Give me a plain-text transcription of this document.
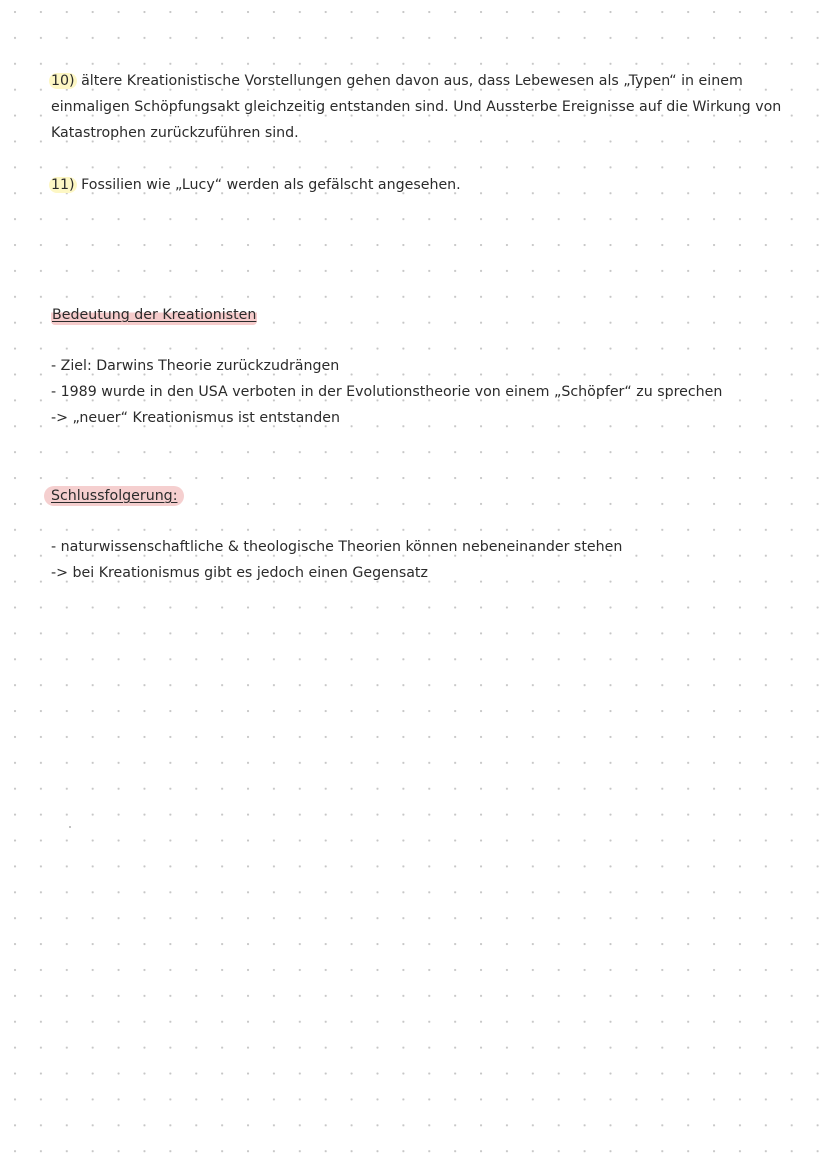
10) ältere Kreationistische Vorstellungen gehen davon aus, dass Lebewesen als „Typen“ in einem
einmaligen Schöpfungsakt gleichzeitig entstanden sind. Und Aussterbe Ereignisse auf die Wirkung von
Katastrophen zurückzuführen sind.
11) Fossilien wie „Lucy“ werden als gefälscht angesehen.
Bedeutung der Kreationisten
- Ziel: Darwins Theorie zurückzudrängen
- 1989 wurde in den USA verboten in der Evolutionstheorie von einem „Schöpfer“ zu sprechen
-> „neuer“ Kreationismus ist entstanden
Schlussfolgerung:
- naturwissenschaftliche & theologische Theorien können nebeneinander stehen
-> bei Kreationismus gibt es jedoch einen Gegensatz
